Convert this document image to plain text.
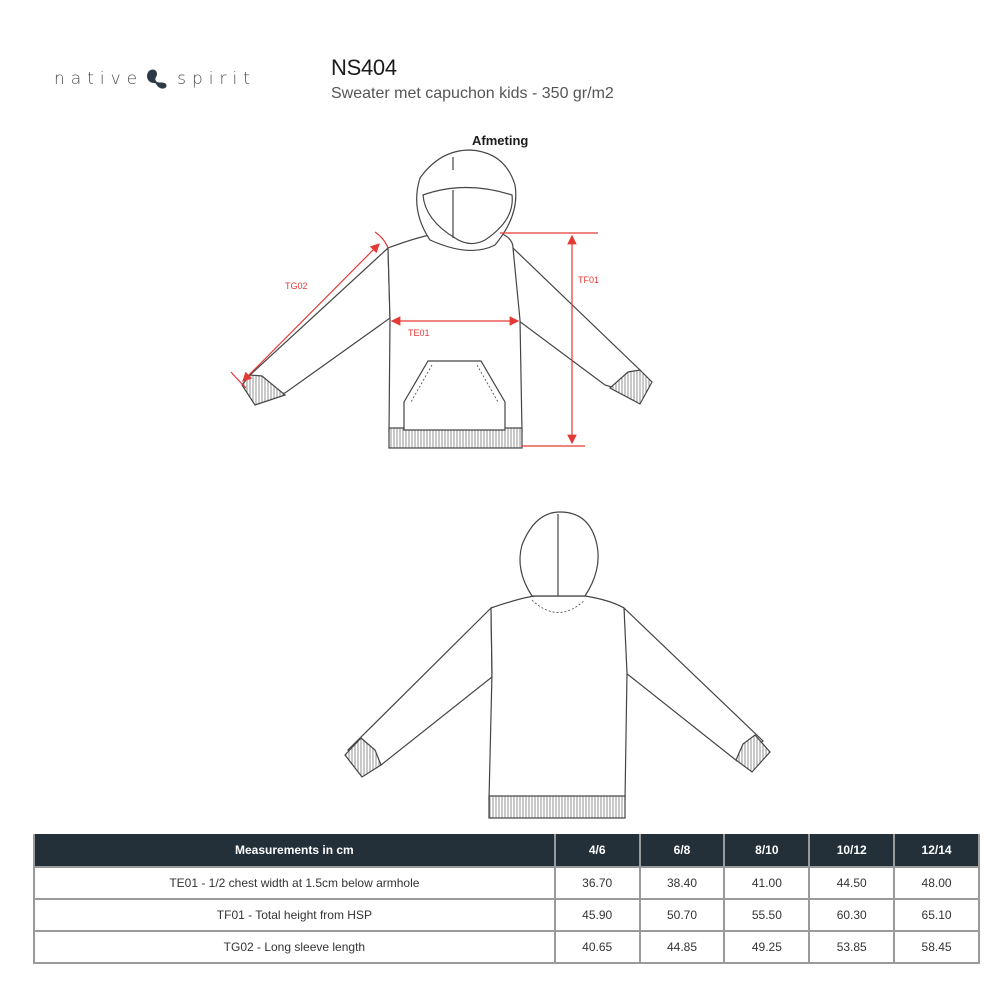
native spirit	NS404
Sweater met capuchon kids - 350 gr/m2
Afmeting
TE01
TF01
TG02
Measurements in cm	4/6	6/8	8/10	10/12	12/14
TE01 - 1/2 chest width at 1.5cm below armhole	36.70	38.40	41.00	44.50	48.00
TF01 - Total height from HSP	45.90	50.70	55.50	60.30	65.10
TG02 - Long sleeve length	40.65	44.85	49.25	53.85	58.45
